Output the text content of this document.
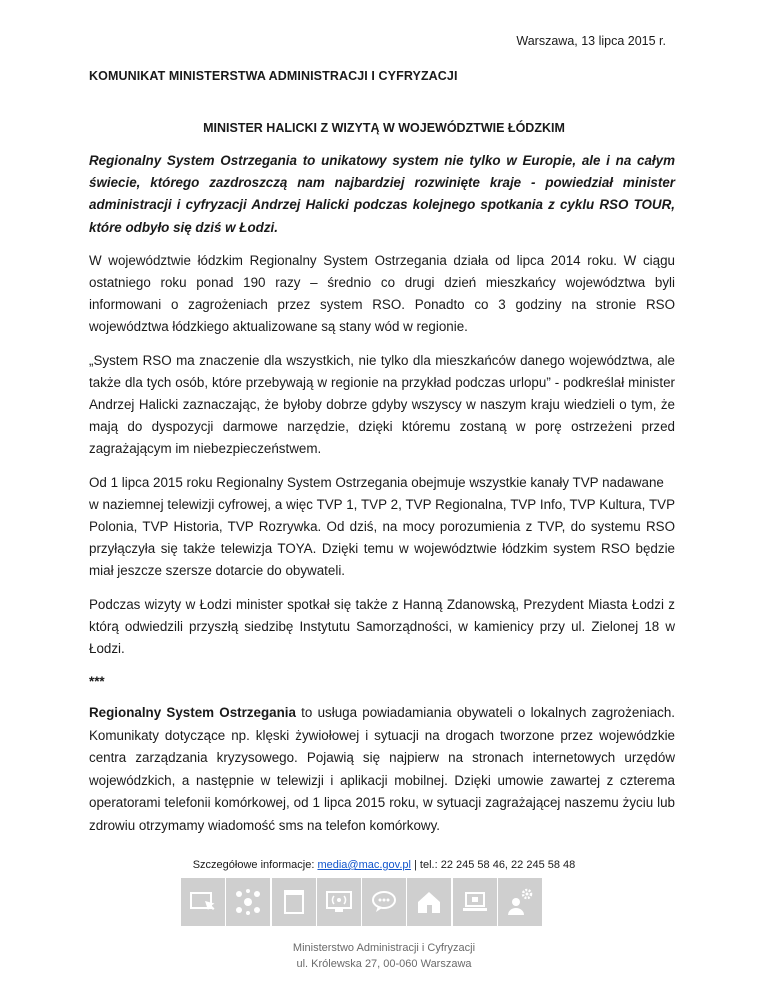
Warszawa, 13 lipca 2015 r.
KOMUNIKAT MINISTERSTWA ADMINISTRACJI I CYFRYZACJI
MINISTER HALICKI Z WIZYTĄ W WOJEWÓDZTWIE ŁÓDZKIM

Regionalny System Ostrzegania to unikatowy system nie tylko w Europie, ale i na całym świecie, którego zazdroszczą nam najbardziej rozwinięte kraje - powiedział minister administracji i cyfryzacji Andrzej Halicki podczas kolejnego spotkania z cyklu RSO TOUR, które odbyło się dziś w Łodzi.

W województwie łódzkim Regionalny System Ostrzegania działa od lipca 2014 roku. W ciągu ostatniego roku ponad 190 razy – średnio co drugi dzień mieszkańcy województwa byli informowani o zagrożeniach przez system RSO. Ponadto co 3 godziny na stronie RSO województwa łódzkiego aktualizowane są stany wód w regionie.

„System RSO ma znaczenie dla wszystkich, nie tylko dla mieszkańców danego województwa, ale także dla tych osób, które przebywają w regionie na przykład podczas urlopu” - podkreślał minister Andrzej Halicki zaznaczając, że byłoby dobrze gdyby wszyscy w naszym kraju wiedzieli o tym, że mają do dyspozycji darmowe narzędzie, dzięki któremu zostaną w porę ostrzeżeni przed zagrażającym im niebezpieczeństwem.

Od 1 lipca 2015 roku Regionalny System Ostrzegania obejmuje wszystkie kanały TVP nadawane

w naziemnej telewizji cyfrowej, a więc TVP 1, TVP 2, TVP Regionalna, TVP Info, TVP Kultura, TVP Polonia, TVP Historia, TVP Rozrywka. Od dziś, na mocy porozumienia z TVP, do systemu RSO przyłączyła się także telewizja TOYA. Dzięki temu w województwie łódzkim system RSO będzie miał jeszcze szersze dotarcie do obywateli.

Podczas wizyty w Łodzi minister spotkał się także z Hanną Zdanowską, Prezydent Miasta Łodzi z którą odwiedzili przyszłą siedzibę Instytutu Samorządności, w kamienicy przy ul. Zielonej 18 w Łodzi.

***

Regionalny System Ostrzegania to usługa powiadamiania obywateli o lokalnych zagrożeniach. Komunikaty dotyczące np. klęski żywiołowej i sytuacji na drogach tworzone przez wojewódzkie centra zarządzania kryzysowego. Pojawią się najpierw na stronach internetowych urzędów wojewódzkich, a następnie w telewizji i aplikacji mobilnej. Dzięki umowie zawartej z czterema operatorami telefonii komórkowej, od 1 lipca 2015 roku, w sytuacji zagrażającej naszemu życiu lub zdrowiu otrzymamy wiadomość sms na telefon komórkowy.

Szczegółowe informacje: media@mac.gov.pl | tel.: 22 245 58 46, 22 245 58 48
Ministerstwo Administracji i Cyfryzacji
ul. Królewska 27, 00-060 Warszawa
